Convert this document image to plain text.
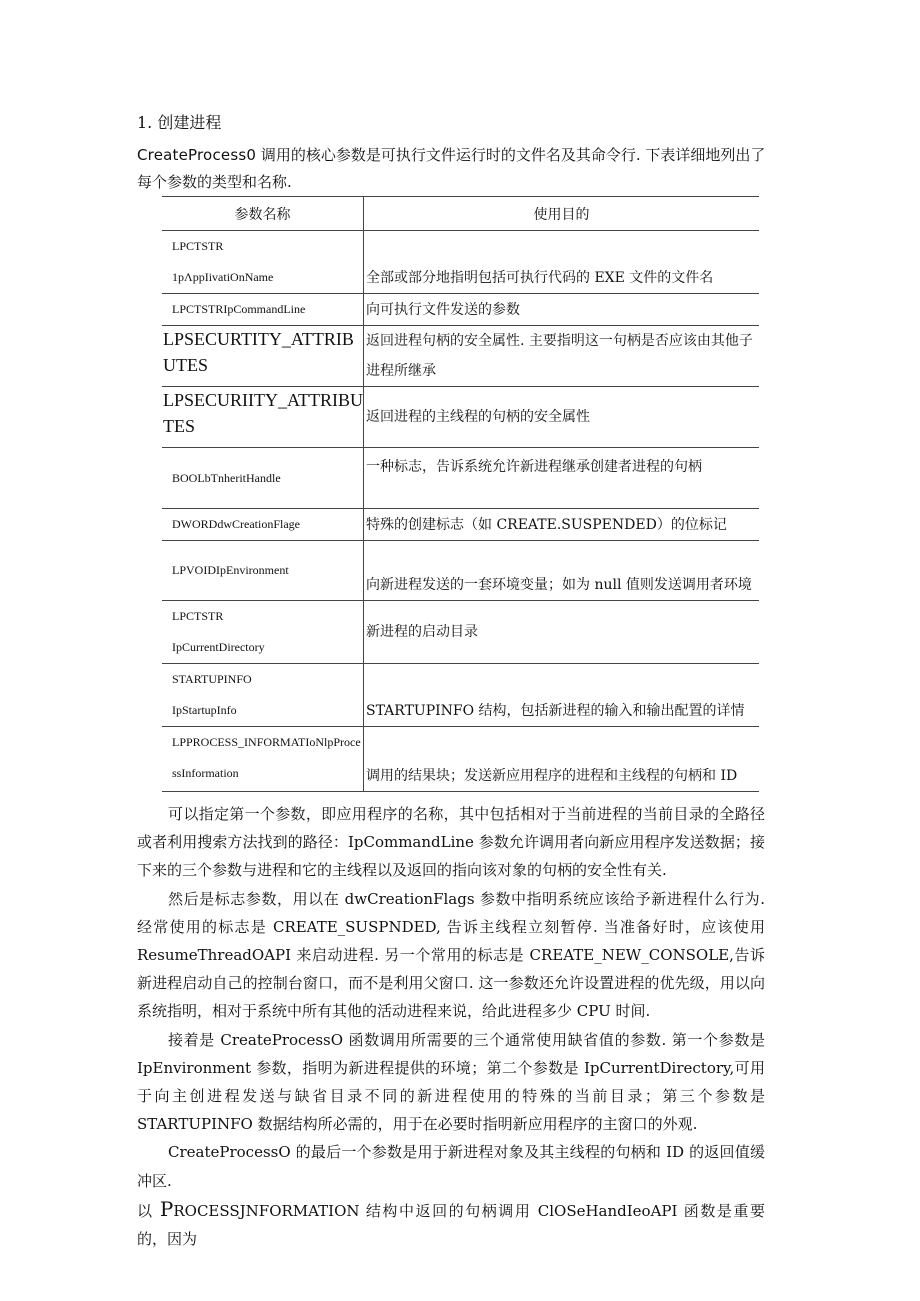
1. 创建进程
CreateProcess0 调用的核心参数是可执行文件运行时的文件名及其命令行. 下表详细地列出了每个参数的类型和名称.
参数名称	使用目的
LPCTSTR
1pΛppIivatiOnName	全部或部分地指明包括可执行代码的 EXE 文件的文件名
LPCTSTRIpCommandLine	向可执行文件发送的参数
LPSECURTITY_ATTRIBUTES	返回进程句柄的安全属性. 主要指明这一句柄是否应该由其他子进程所继承
LPSECURIITY_ATTRIBUTES	返回进程的主线程的句柄的安全属性
BOOLbTnheritHandle	一种标志，告诉系统允许新进程继承创建者进程的句柄
DWORDdwCreationFlage	特殊的创建标志（如 CREATE.SUSPENDED）的位标记
LPVOIDIpEnvironment	向新进程发送的一套环境变量；如为 null 值则发送调用者环境
LPCTSTR
IpCurrentDirectory	新进程的启动目录
STARTUPINFO
IpStartupInfo	STARTUPINFO 结构，包括新进程的输入和输出配置的详情
LPPROCESS_INFORMATIoNlpProcessInformation	调用的结果块；发送新应用程序的进程和主线程的句柄和 ID

可以指定第一个参数，即应用程序的名称，其中包括相对于当前进程的当前目录的全路径或者利用搜索方法找到的路径：IpCommandLine 参数允许调用者向新应用程序发送数据；接下来的三个参数与进程和它的主线程以及返回的指向该对象的句柄的安全性有关.

然后是标志参数，用以在 dwCreationFlags 参数中指明系统应该给予新进程什么行为. 经常使用的标志是 CREATE_SUSPNDED, 告诉主线程立刻暂停. 当准备好时，应该使用 ResumeThreadOAPI 来启动进程. 另一个常用的标志是 CREATE_NEW_CONSOLE,告诉新进程启动自己的控制台窗口，而不是利用父窗口. 这一参数还允许设置进程的优先级，用以向系统指明，相对于系统中所有其他的活动进程来说，给此进程多少 CPU 时间.

接着是 CreateProcessO 函数调用所需要的三个通常使用缺省值的参数. 第一个参数是 IpEnvironment 参数，指明为新进程提供的环境；第二个参数是 IpCurrentDirectory,可用于向主创进程发送与缺省目录不同的新进程使用的特殊的当前目录；第三个参数是 STARTUPINFO 数据结构所必需的，用于在必要时指明新应用程序的主窗口的外观.

CreateProcessO 的最后一个参数是用于新进程对象及其主线程的句柄和 ID 的返回值缓冲区.
以 PROCESSJNFORMATION 结构中返回的句柄调用 ClOSeHandIeoAPI 函数是重要的，因为
